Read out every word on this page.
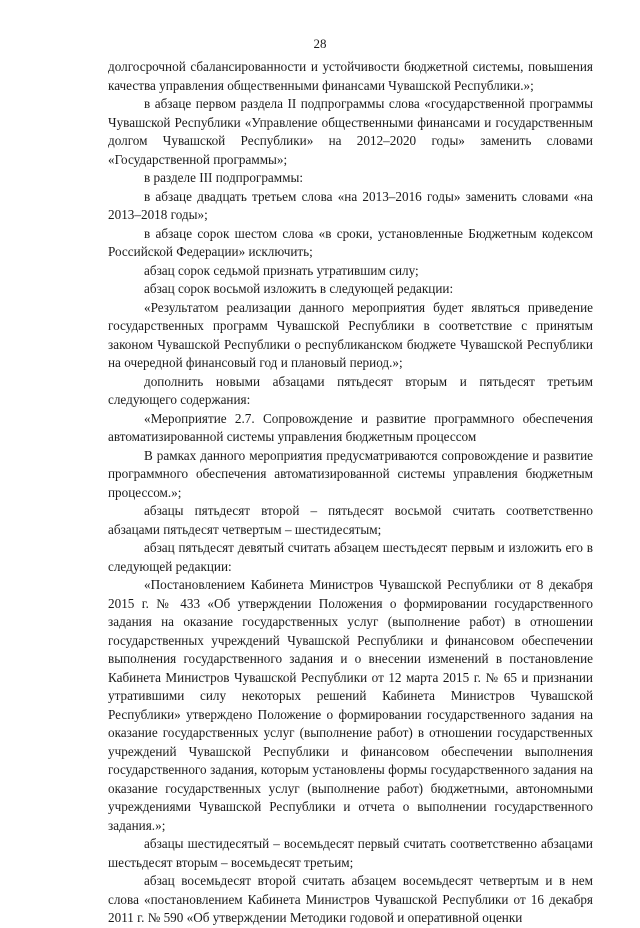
28

долгосрочной сбалансированности и устойчивости бюджетной системы, повышения качества управления общественными финансами Чувашской Республики.»;

в абзаце первом раздела II подпрограммы слова «государственной программы Чувашской Республики «Управление общественными финансами и государственным долгом Чувашской Республики» на 2012–2020 годы» заменить словами «Государственной программы»;

в разделе III подпрограммы:

в абзаце двадцать третьем слова «на 2013–2016 годы» заменить словами «на 2013–2018 годы»;

в абзаце сорок шестом слова «в сроки, установленные Бюджетным кодексом Российской Федерации» исключить;

абзац сорок седьмой признать утратившим силу;

абзац сорок восьмой изложить в следующей редакции:

«Результатом реализации данного мероприятия будет являться приведение государственных программ Чувашской Республики в соответствие с принятым законом Чувашской Республики о республиканском бюджете Чувашской Республики на очередной финансовый год и плановый период.»;

дополнить новыми абзацами пятьдесят вторым и пятьдесят третьим следующего содержания:

«Мероприятие 2.7. Сопровождение и развитие программного обеспечения автоматизированной системы управления бюджетным процессом

В рамках данного мероприятия предусматриваются сопровождение и развитие программного обеспечения автоматизированной системы управления бюджетным процессом.»;

абзацы пятьдесят второй – пятьдесят восьмой считать соответственно абзацами пятьдесят четвертым – шестидесятым;

абзац пятьдесят девятый считать абзацем шестьдесят первым и изложить его в следующей редакции:

«Постановлением Кабинета Министров Чувашской Республики от 8 декабря 2015 г. № 433 «Об утверждении Положения о формировании государственного задания на оказание государственных услуг (выполнение работ) в отношении государственных учреждений Чувашской Республики и финансовом обеспечении выполнения государственного задания и о внесении изменений в постановление Кабинета Министров Чувашской Республики от 12 марта 2015 г. № 65 и признании утратившими силу некоторых решений Кабинета Министров Чувашской Республики» утверждено Положение о формировании государственного задания на оказание государственных услуг (выполнение работ) в отношении государственных учреждений Чувашской Республики и финансовом обеспечении выполнения государственного задания, которым установлены формы государственного задания на оказание государственных услуг (выполнение работ) бюджетными, автономными учреждениями Чувашской Республики и отчета о выполнении государственного задания.»;

абзацы шестидесятый – восемьдесят первый считать соответственно абзацами шестьдесят вторым – восемьдесят третьим;

абзац восемьдесят второй считать абзацем восемьдесят четвертым и в нем слова «постановлением Кабинета Министров Чувашской Республики от 16 декабря 2011 г. № 590 «Об утверждении Методики годовой и оперативной оценки
